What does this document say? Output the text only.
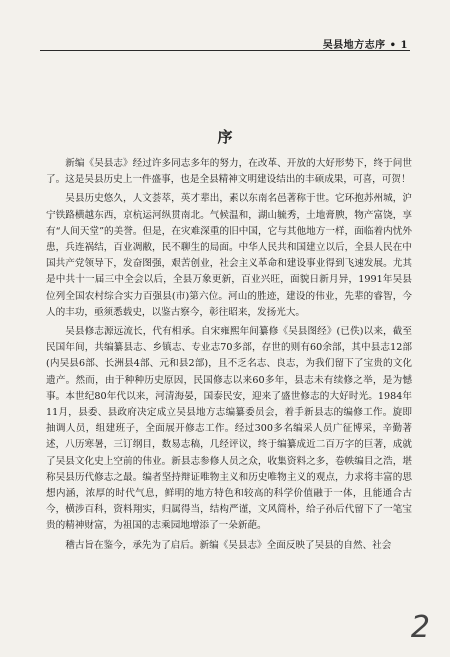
吴县地方志序 • 1
序

新编《吴县志》经过许多同志多年的努力，在改革、开放的大好形势下，终于问世了。这是吴县历史上一件盛事，也是全县精神文明建设结出的丰硕成果，可喜，可贺！

吴县历史悠久，人文荟萃，英才辈出，素以东南名邑著称于世。它环抱苏州城，沪宁铁路横越东西，京杭运河纵贯南北。气候温和，湖山毓秀，土地膏腴，物产富饶，享有“人间天堂”的美誉。但是，在灾难深重的旧中国，它与其他地方一样，面临着内忧外患，兵连祸结，百业凋敝，民不聊生的局面。中华人民共和国建立以后，全县人民在中国共产党领导下，发奋图强，艰苦创业，社会主义革命和建设事业得到飞速发展。尤其是中共十一届三中全会以后，全县万象更新，百业兴旺，面貌日新月异，1991年吴县位列全国农村综合实力百强县(市)第六位。河山的胜迹，建设的伟业，先辈的睿智，今人的丰功，亟须悉载史，以鉴古察今，彰往昭来，发扬光大。

吴县修志源远流长，代有相承。自宋雍熙年间纂修《吴县图经》(已佚)以来，截至民国年间，共编纂县志、乡镇志、专业志70多部，存世的则有60余部，其中县志12部(内吴县6部、长洲县4部、元和县2部)，且不乏名志、良志，为我们留下了宝贵的文化遗产。然而，由于种种历史原因，民国修志以来60多年，县志未有续修之举，是为憾事。本世纪80年代以来，河清海晏，国泰民安，迎来了盛世修志的大好时光。1984年11月，县委、县政府决定成立吴县地方志编纂委员会，着手新县志的编修工作。旋即抽调人员，组建班子，全面展开修志工作。经过300多名编采人员广征博采，辛勤著述，八历寒暑，三订纲目，数易志稿，几经评议，终于编纂成近二百万字的巨著，成就了吴县文化史上空前的伟业。新县志参修人员之众，收集资料之多，卷帙编目之浩，堪称吴县历代修志之最。编者坚持辩证唯物主义和历史唯物主义的观点，力求将丰富的思想内涵，浓厚的时代气息，鲜明的地方特色和较高的科学价值融于一体，且能通合古今，横涉百科，资料翔实，归属得当，结构严谨，文风简朴，给子孙后代留下了一笔宝贵的精神财富，为祖国的志乘园地增添了一朵新葩。

稽古旨在鉴今，承先为了启后。新编《吴县志》全面反映了吴县的自然、社会

2
